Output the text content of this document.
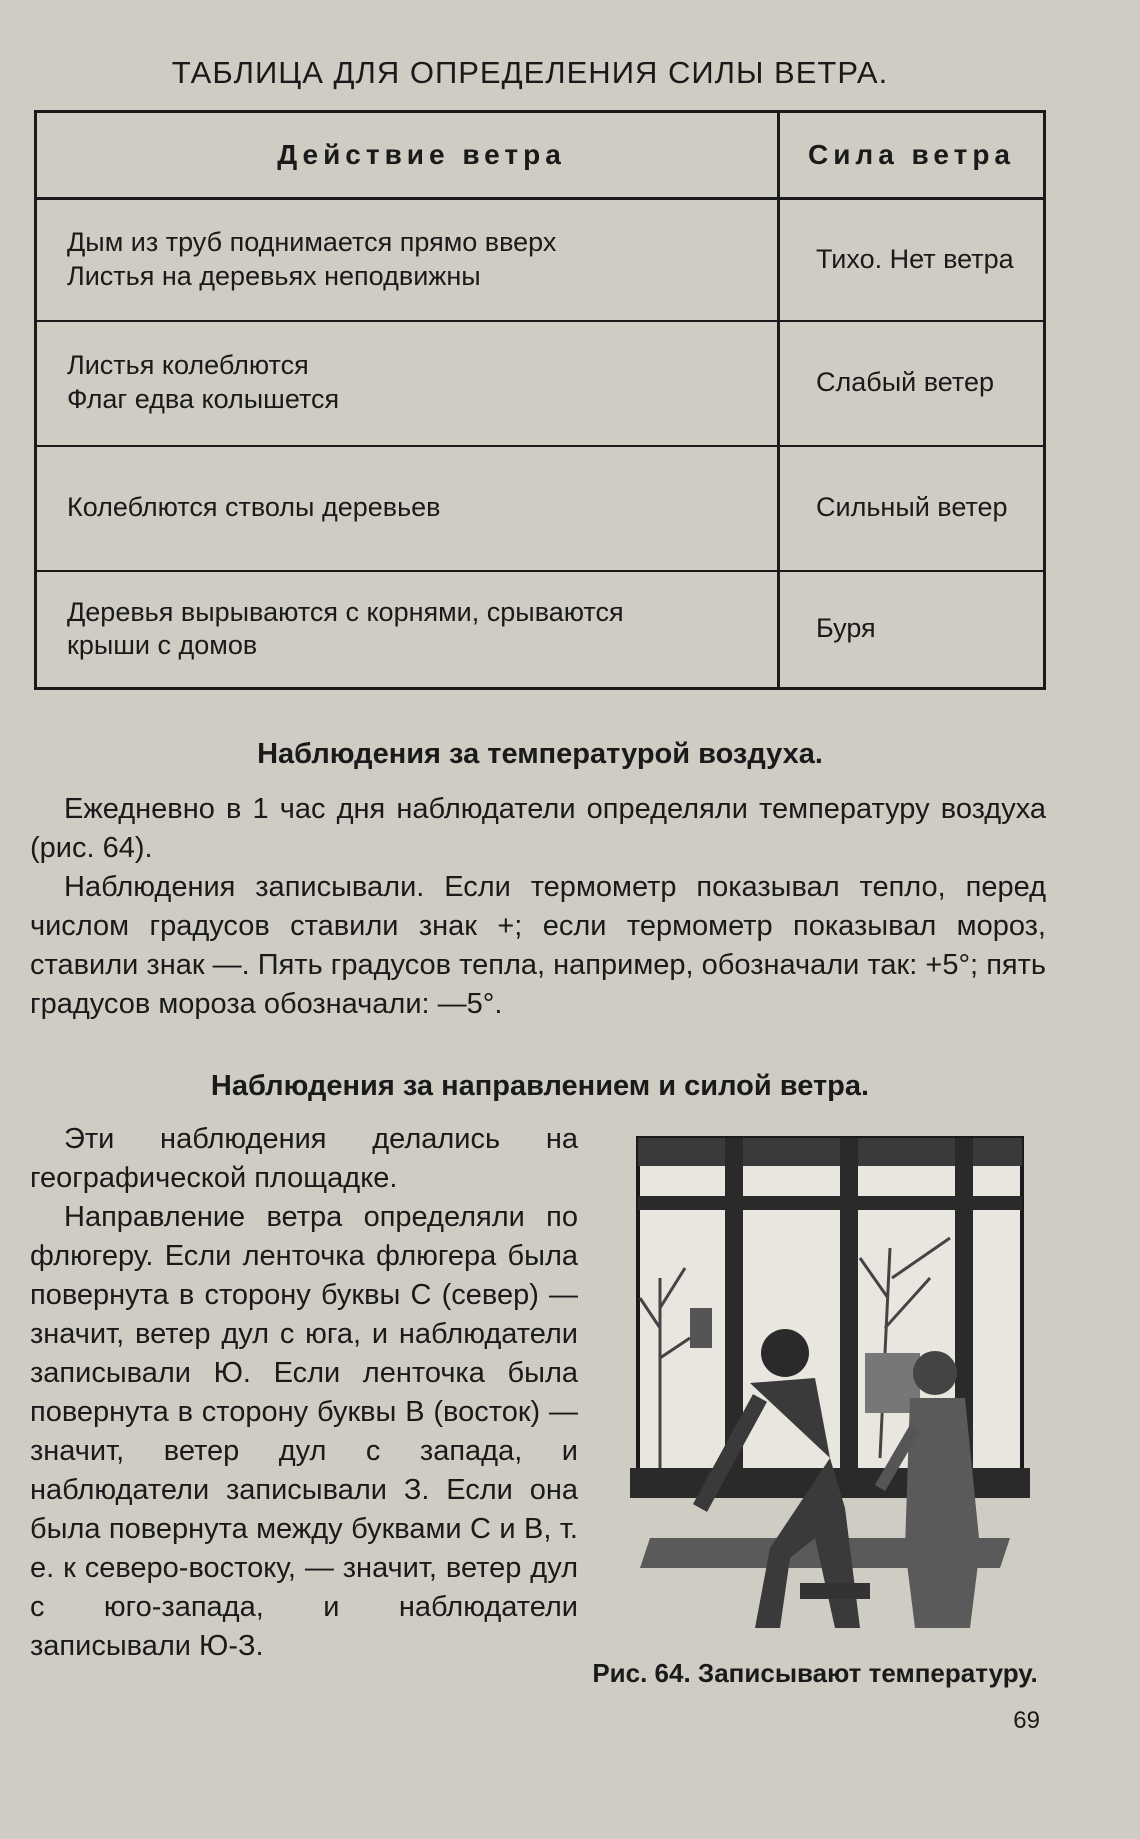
ТАБЛИЦА ДЛЯ ОПРЕДЕЛЕНИЯ СИЛЫ ВЕТРА.
Действие ветра	Сила ветра

Дым из труб поднимается прямо вверх
Листья на деревьях неподвижны	Тихо. Нет ветра

Листья колеблются
Флаг едва колышется	Слабый ветер

Колеблются стволы деревьев	Сильный ветер

Деревья вырываются с корнями, срываются
крыши с домов	Буря
Наблюдения за температурой воздуха.

Ежедневно в 1 час дня наблюдатели определяли температуру воздуха (рис. 64).

Наблюдения записывали. Если термометр показывал тепло, перед числом градусов ставили знак +; если термометр показывал мороз, ставили знак —. Пять градусов тепла, например, обозначали так: +5°; пять градусов мороза обозначали: —5°.

Наблюдения за направлением и силой ветра.

Эти наблюдения делались на географической площадке.

Направление ветра определяли по флюгеру. Если ленточка флюгера была повернута в сторону буквы С (север) — значит, ветер дул с юга, и наблюдатели записывали Ю. Если ленточка была повернута в сторону буквы В (восток) — значит, ветер дул с запада, и наблюдатели записывали З. Если она была повернута между буквами С и В, т. е. к северо-востоку, — значит, ветер дул с юго-запада, и наблюдатели записывали Ю-З.

Рис. 64. Записывают температуру.
69
